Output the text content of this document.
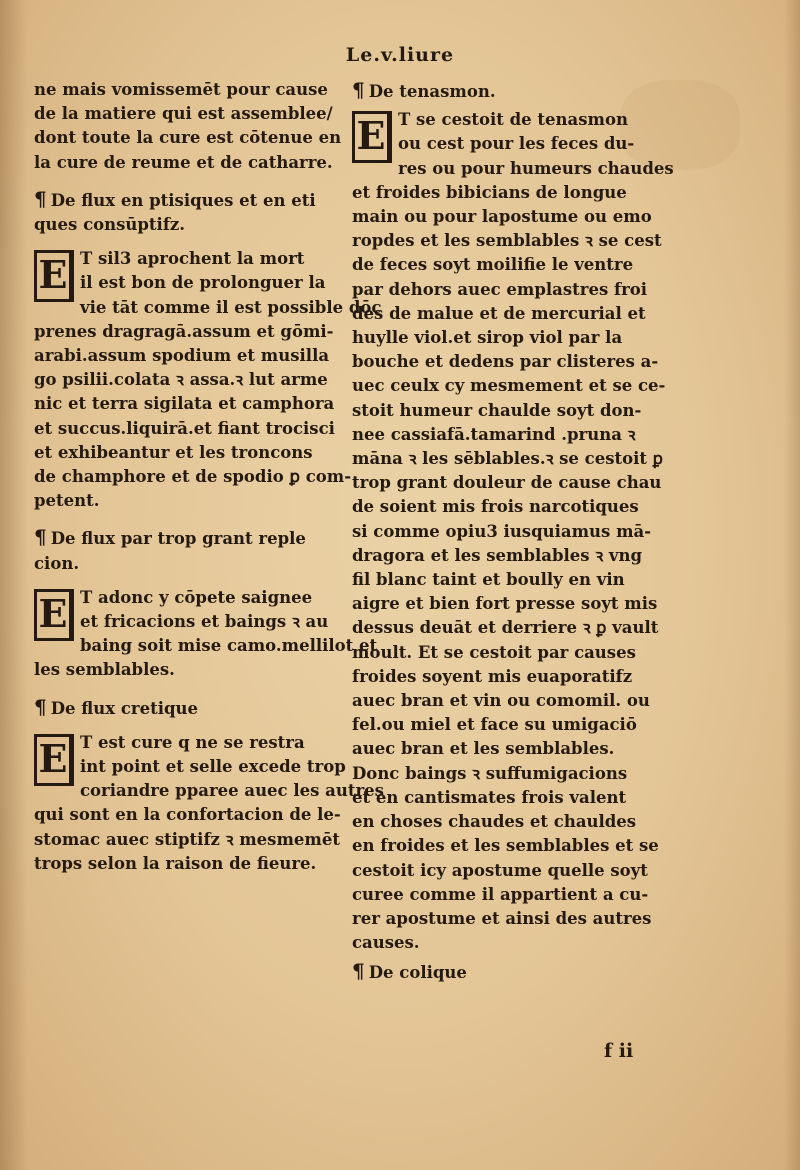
Le.v.liure
ne mais vomissemēt pour cause
de la matiere qui est assemblee/
dont toute la cure est cōtenue en
la cure de reume et de catharre.
¶ De flux en ptisiques et en eti
ques consūptifz.
E T sil3 aprochent la mort
il est bon de prolonguer la
vie tāt comme il est possible dōc
prenes dragragā.assum et gōmi-
arabi.assum spodium et musilla
go psilii.colata ꝛ assa.ꝛ lut arme
nic et terra sigilata et camphora
et succus.liquirā.et fiant trocisci
et exhibeantur et les troncons
de champhore et de spodio ꝑ com-
petent.
¶ De flux par trop grant reple
cion.
E T adonc y cōpete saignee
et fricacions et baings ꝛ au
baing soit mise camo.mellilot et
les semblables.
¶ De flux cretique
E T est cure q ne se restra
int point et selle excede trop
coriandre pparee auec les autres
qui sont en la confortacion de le-
stomac auec stiptifz ꝛ mesmemēt
trops selon la raison de fieure.
¶ De tenasmon.
E T se cestoit de tenasmon
ou cest pour les feces du-
res ou pour humeurs chaudes
et froides bibicians de longue
main ou pour lapostume ou emo
ropdes et les semblables ꝛ se cest
de feces soyt moilifie le ventre
par dehors auec emplastres froi
des de malue et de mercurial et
huylle viol.et sirop viol par la
bouche et dedens par clisteres a-
uec ceulx cy mesmement et se ce-
stoit humeur chaulde soyt don-
nee cassiafā.tamarind .pruna ꝛ
māna ꝛ les sēblables.ꝛ se cestoit ꝑ
trop grant douleur de cause chau
de soient mis frois narcotiques
si comme opiu3 iusquiamus mā-
dragora et les semblables ꝛ vng
fil blanc taint et boully en vin
aigre et bien fort presse soyt mis
dessus deuāt et derriere ꝛ ꝑ vault
moult. Et se cestoit par causes
froides soyent mis euaporatifz
auec bran et vin ou comomil. ou
fel.ou miel et face su umigaciō
auec bran et les semblables.
Donc baings ꝛ suffumigacions
et en cantismates frois valent
en choses chaudes et chauldes
en froides et les semblables et se
cestoit icy apostume quelle soyt
curee comme il appartient a cu-
rer apostume et ainsi des autres
causes.
¶ De colique
f ii
